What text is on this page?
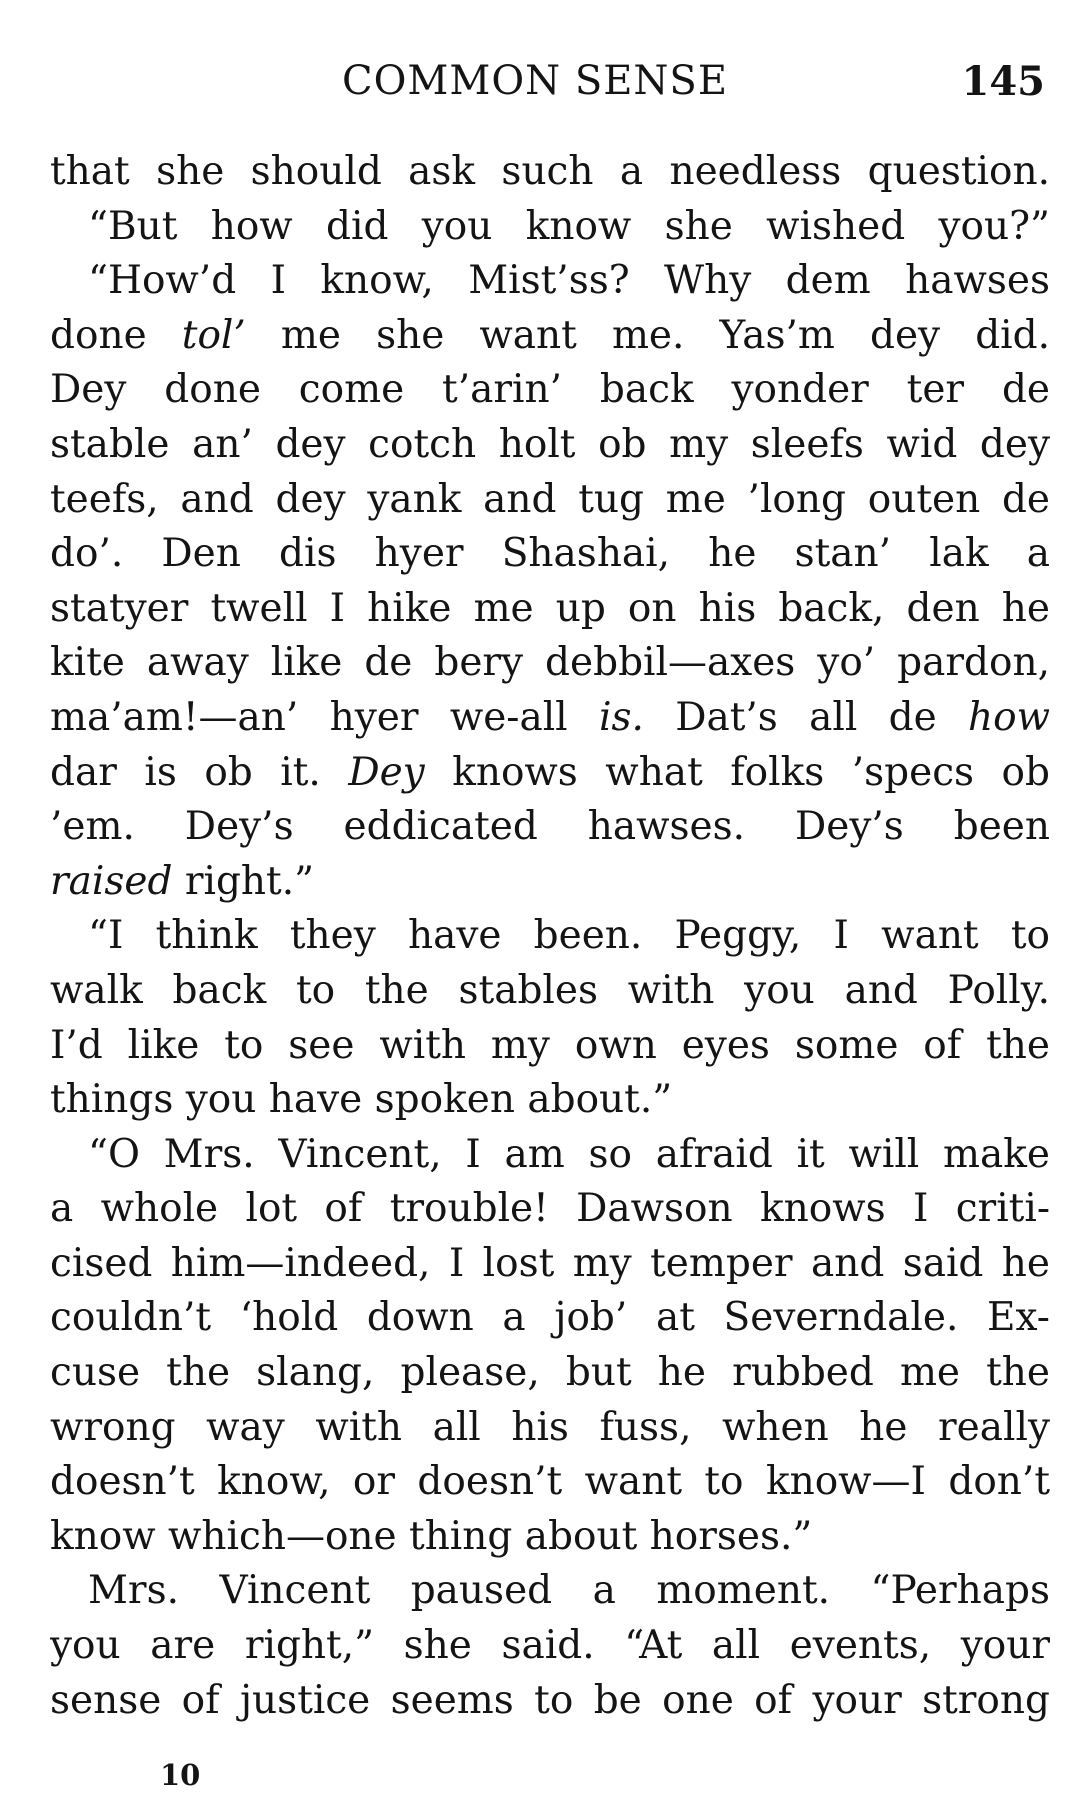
COMMON SENSE	145
that she should ask such a needless question.
“But how did you know she wished you?”
“How’d I know, Mist’ss? Why dem hawses
done tol’ me she want me. Yas’m dey did.
Dey done come t’arin’ back yonder ter de
stable an’ dey cotch holt ob my sleefs wid dey
teefs, and dey yank and tug me ’long outen de
do’. Den dis hyer Shashai, he stan’ lak a
statyer twell I hike me up on his back, den he
kite away like de bery debbil—axes yo’ pardon,
ma’am!—an’ hyer we-all is. Dat’s all de how
dar is ob it. Dey knows what folks ’specs ob
’em. Dey’s eddicated hawses. Dey’s been
raised right.”
“I think they have been. Peggy, I want to
walk back to the stables with you and Polly.
I’d like to see with my own eyes some of the
things you have spoken about.”
“O Mrs. Vincent, I am so afraid it will make
a whole lot of trouble! Dawson knows I criti-
cised him—indeed, I lost my temper and said he
couldn’t ‘hold down a job’ at Severndale. Ex-
cuse the slang, please, but he rubbed me the
wrong way with all his fuss, when he really
doesn’t know, or doesn’t want to know—I don’t
know which—one thing about horses.”
Mrs. Vincent paused a moment. “Perhaps
you are right,” she said. “At all events, your
sense of justice seems to be one of your strong
10
